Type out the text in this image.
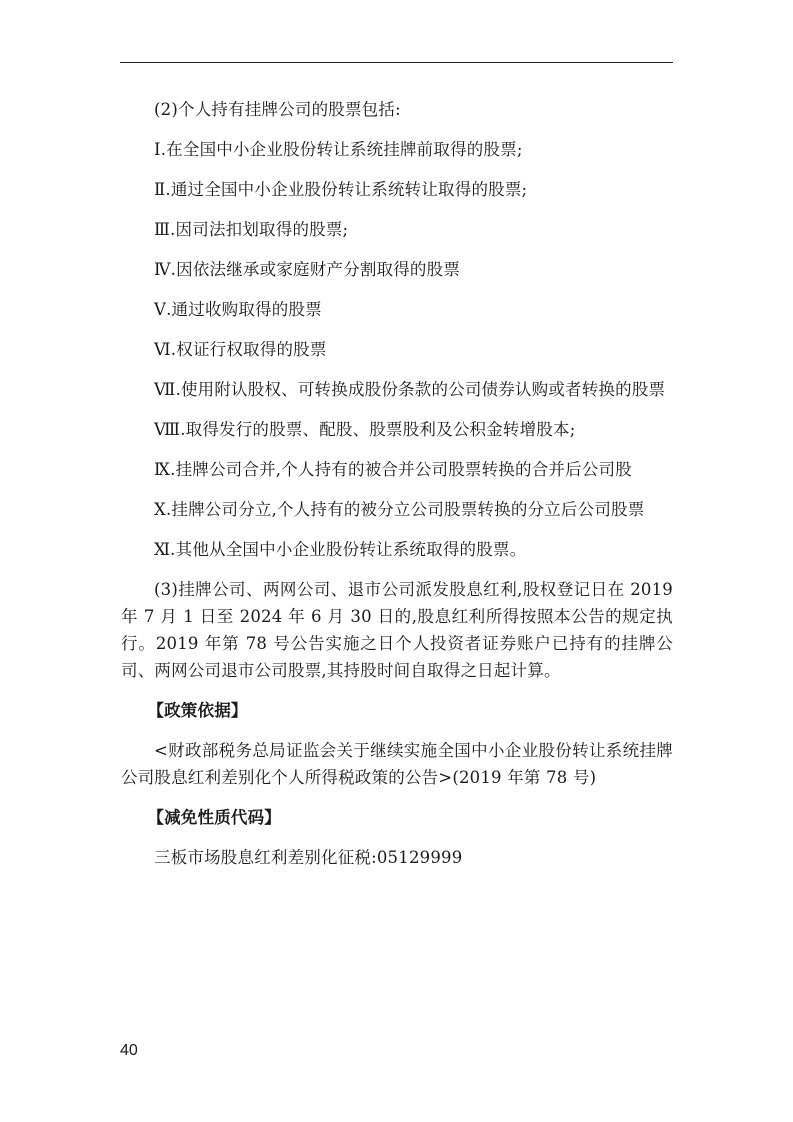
(2)个人持有挂牌公司的股票包括:

Ⅰ.在全国中小企业股份转让系统挂牌前取得的股票;

Ⅱ.通过全国中小企业股份转让系统转让取得的股票;

Ⅲ.因司法扣划取得的股票;

Ⅳ.因依法继承或家庭财产分割取得的股票

Ⅴ.通过收购取得的股票

Ⅵ.权证行权取得的股票

Ⅶ.使用附认股权、可转换成股份条款的公司债券认购或者转换的股票

Ⅷ.取得发行的股票、配股、股票股利及公积金转增股本;

Ⅸ.挂牌公司合并,个人持有的被合并公司股票转换的合并后公司股

Ⅹ.挂牌公司分立,个人持有的被分立公司股票转换的分立后公司股票

Ⅺ.其他从全国中小企业股份转让系统取得的股票。

(3)挂牌公司、两网公司、退市公司派发股息红利,股权登记日在 2019 年 7 月 1 日至 2024 年 6 月 30 日的,股息红利所得按照本公告的规定执行。2019 年第 78 号公告实施之日个人投资者证券账户已持有的挂牌公司、两网公司退市公司股票,其持股时间自取得之日起计算。

【政策依据】

<财政部税务总局证监会关于继续实施全国中小企业股份转让系统挂牌公司股息红利差别化个人所得税政策的公告>(2019 年第 78 号)

【减免性质代码】

三板市场股息红利差别化征税:05129999

40
